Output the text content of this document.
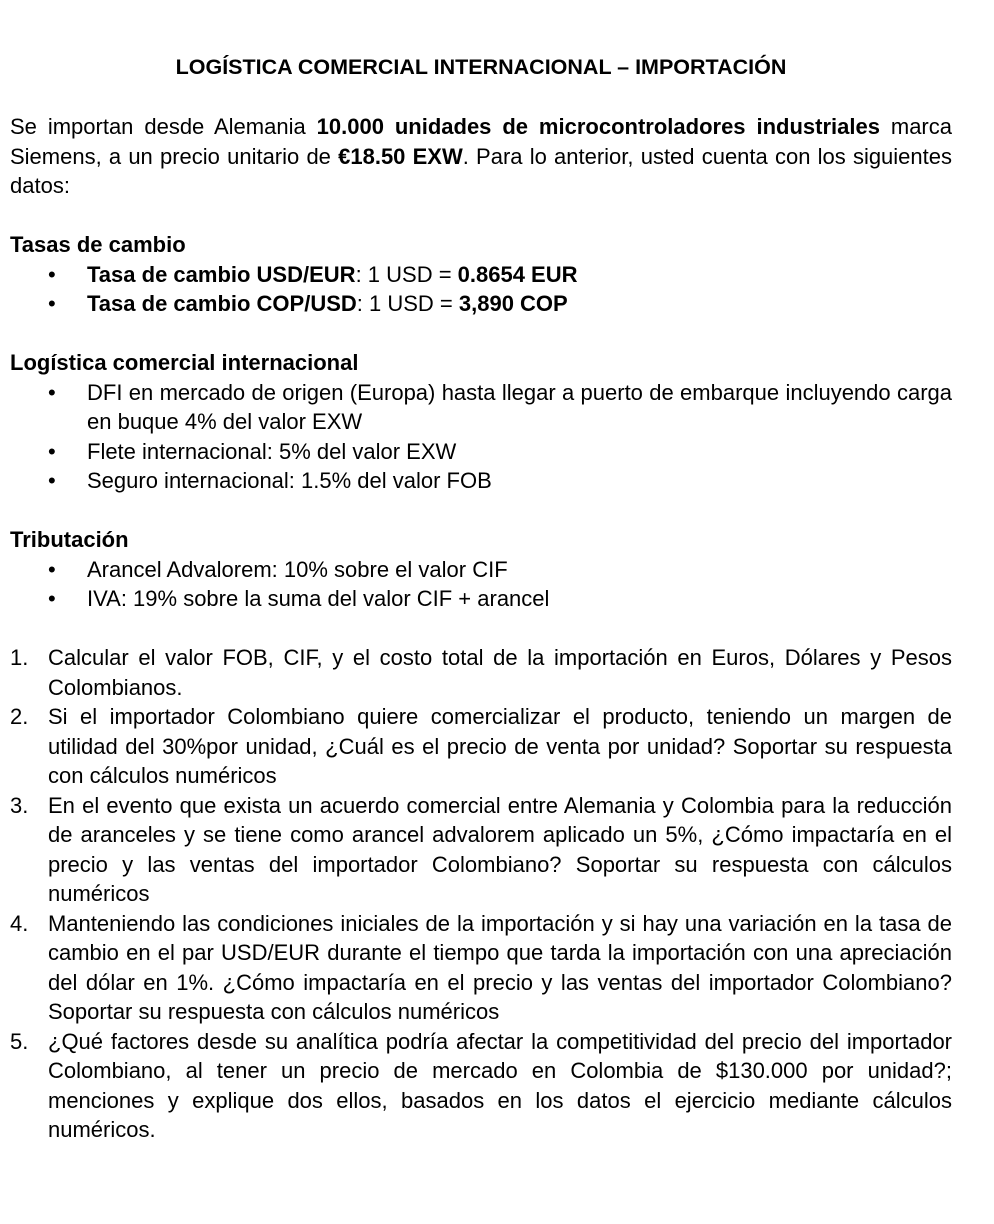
LOGÍSTICA COMERCIAL INTERNACIONAL – IMPORTACIÓN

Se importan desde Alemania 10.000 unidades de microcontroladores industriales marca Siemens, a un precio unitario de €18.50 EXW. Para lo anterior, usted cuenta con los siguientes datos:

Tasas de cambio
• Tasa de cambio USD/EUR: 1 USD = 0.8654 EUR
• Tasa de cambio COP/USD: 1 USD = 3,890 COP
Logística comercial internacional
• DFI en mercado de origen (Europa) hasta llegar a puerto de embarque incluyendo carga en buque 4% del valor EXW
• Flete internacional: 5% del valor EXW
• Seguro internacional: 1.5% del valor FOB
Tributación
• Arancel Advalorem: 10% sobre el valor CIF
• IVA: 19% sobre la suma del valor CIF + arancel
1. Calcular el valor FOB, CIF, y el costo total de la importación en Euros, Dólares y Pesos Colombianos.
2. Si el importador Colombiano quiere comercializar el producto, teniendo un margen de utilidad del 30%por unidad, ¿Cuál es el precio de venta por unidad? Soportar su respuesta con cálculos numéricos
3. En el evento que exista un acuerdo comercial entre Alemania y Colombia para la reducción de aranceles y se tiene como arancel advalorem aplicado un 5%, ¿Cómo impactaría en el precio y las ventas del importador Colombiano? Soportar su respuesta con cálculos numéricos
4. Manteniendo las condiciones iniciales de la importación y si hay una variación en la tasa de cambio en el par USD/EUR durante el tiempo que tarda la importación con una apreciación del dólar en 1%. ¿Cómo impactaría en el precio y las ventas del importador Colombiano? Soportar su respuesta con cálculos numéricos
5. ¿Qué factores desde su analítica podría afectar la competitividad del precio del importador Colombiano, al tener un precio de mercado en Colombia de $130.000 por unidad?; menciones y explique dos ellos, basados en los datos el ejercicio mediante cálculos numéricos.
